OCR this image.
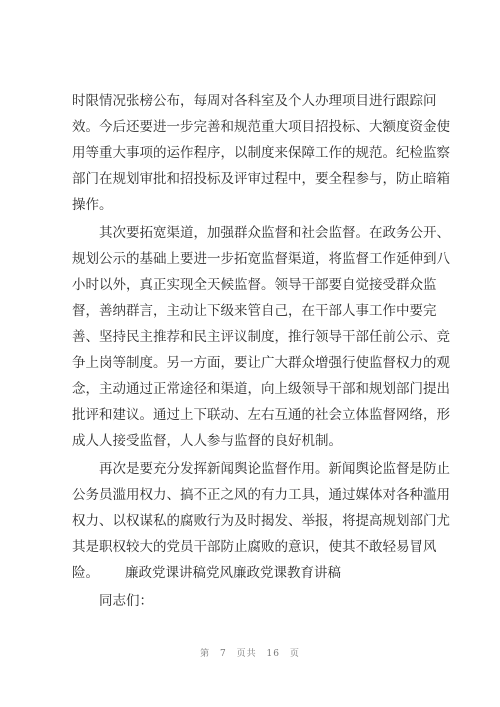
时限情况张榜公布，每周对各科室及个人办理项目进行跟踪问
效。今后还要进一步完善和规范重大项目招投标、大额度资金使
用等重大事项的运作程序，以制度来保障工作的规范。纪检监察
部门在规划审批和招投标及评审过程中，要全程参与，防止暗箱
操作。
　　其次要拓宽渠道，加强群众监督和社会监督。在政务公开、
规划公示的基础上要进一步拓宽监督渠道，将监督工作延伸到八
小时以外，真正实现全天候监督。领导干部要自觉接受群众监
督，善纳群言，主动让下级来管自己，在干部人事工作中要完
善、坚持民主推荐和民主评议制度，推行领导干部任前公示、竞
争上岗等制度。另一方面，要让广大群众增强行使监督权力的观
念，主动通过正常途径和渠道，向上级领导干部和规划部门提出
批评和建议。通过上下联动、左右互通的社会立体监督网络，形
成人人接受监督，人人参与监督的良好机制。
　　再次是要充分发挥新闻舆论监督作用。新闻舆论监督是防止
公务员滥用权力、搞不正之风的有力工具，通过媒体对各种滥用
权力、以权谋私的腐败行为及时揭发、举报，将提高规划部门尤
其是职权较大的党员干部防止腐败的意识，使其不敢轻易冒风
险。 廉政党课讲稿党风廉政党课教育讲稿
　　同志们：
第 7 页共 16 页
